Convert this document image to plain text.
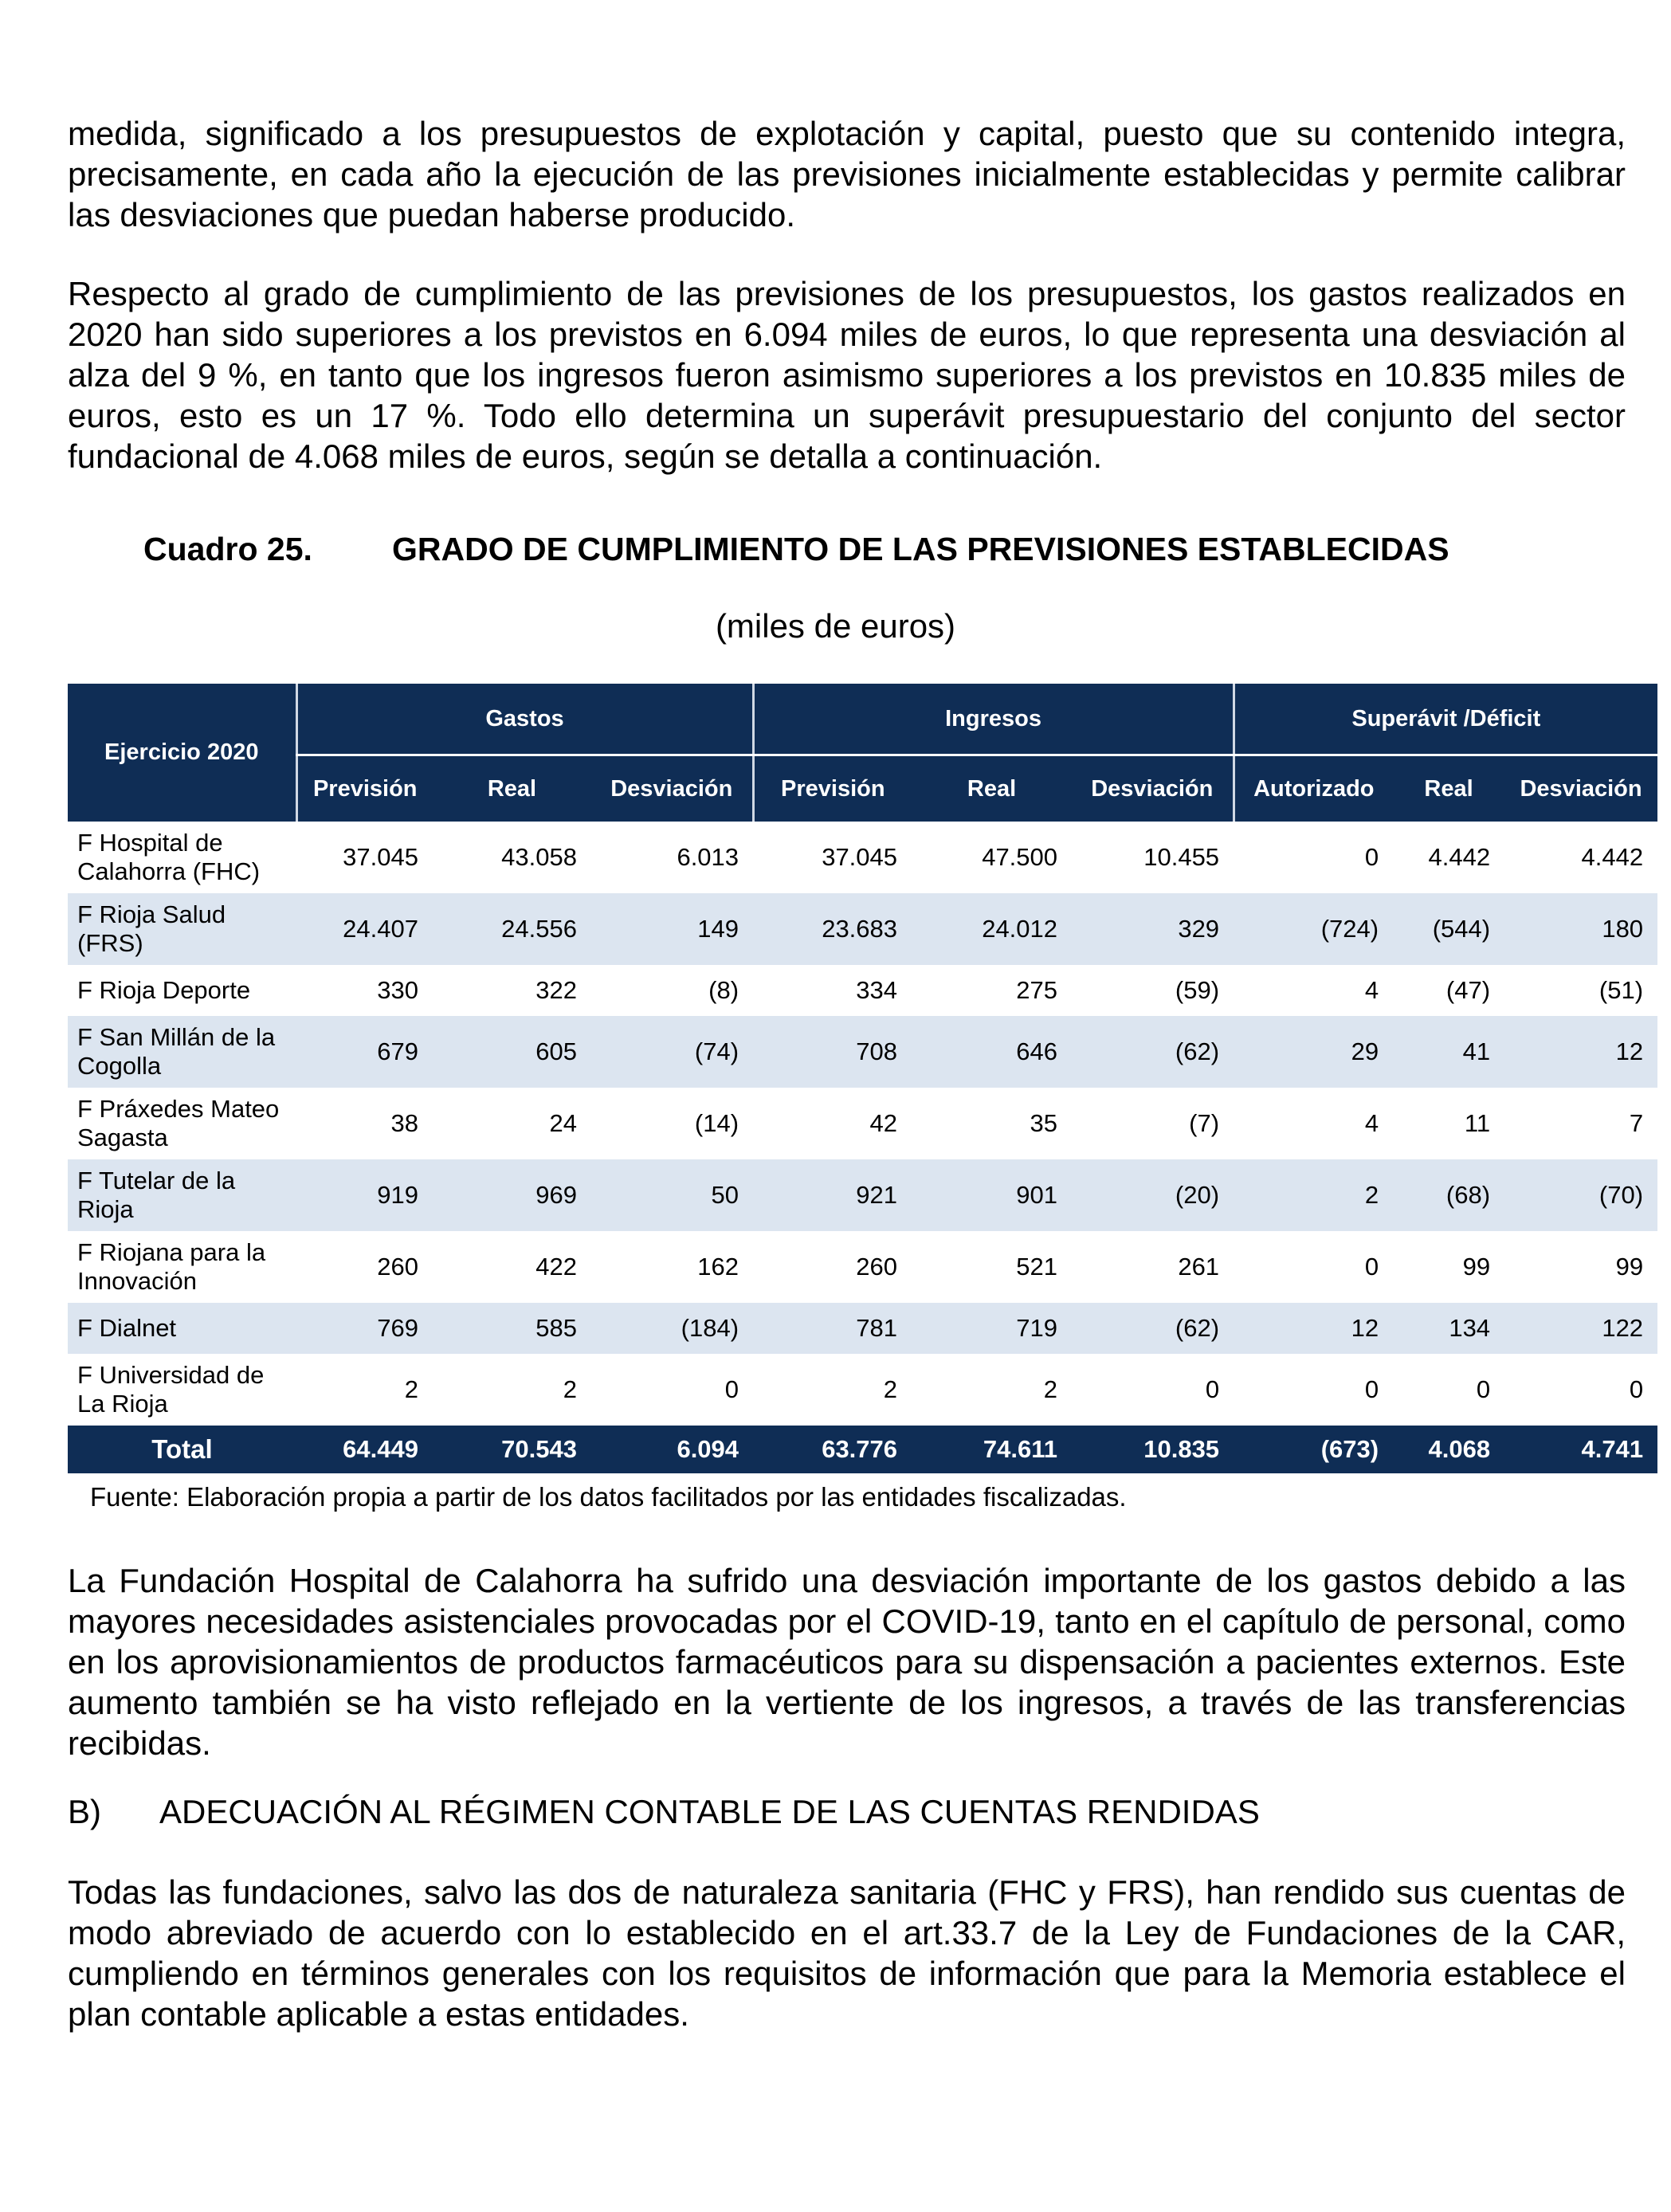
medida, significado a los presupuestos de explotación y capital, puesto que su contenido integra, precisamente, en cada año la ejecución de las previsiones inicialmente establecidas y permite calibrar las desviaciones que puedan haberse producido.

Respecto al grado de cumplimiento de las previsiones de los presupuestos, los gastos realizados en 2020 han sido superiores a los previstos en 6.094 miles de euros, lo que representa una desviación al alza del 9 %, en tanto que los ingresos fueron asimismo superiores a los previstos en 10.835 miles de euros, esto es un 17 %. Todo ello determina un superávit presupuestario del conjunto del sector fundacional de 4.068 miles de euros, según se detalla a continuación.

Cuadro 25. GRADO DE CUMPLIMIENTO DE LAS PREVISIONES ESTABLECIDAS
(miles de euros)
Ejercicio 2020	Gastos			Ingresos			Superávit /Déficit		
	Previsión	Real	Desviación	Previsión	Real	Desviación	Autorizado	Real	Desviación
F Hospital de Calahorra (FHC)	37.045	43.058	6.013	37.045	47.500	10.455	0	4.442	4.442
F Rioja Salud (FRS)	24.407	24.556	149	23.683	24.012	329	(724)	(544)	180
F Rioja Deporte	330	322	(8)	334	275	(59)	4	(47)	(51)
F San Millán de la Cogolla	679	605	(74)	708	646	(62)	29	41	12
F Práxedes Mateo Sagasta	38	24	(14)	42	35	(7)	4	11	7
F Tutelar de la Rioja	919	969	50	921	901	(20)	2	(68)	(70)
F Riojana para la Innovación	260	422	162	260	521	261	0	99	99
F Dialnet	769	585	(184)	781	719	(62)	12	134	122
F Universidad de La Rioja	2	2	0	2	2	0	0	0	0
Total	64.449	70.543	6.094	63.776	74.611	10.835	(673)	4.068	4.741
Fuente: Elaboración propia a partir de los datos facilitados por las entidades fiscalizadas.

La Fundación Hospital de Calahorra ha sufrido una desviación importante de los gastos debido a las mayores necesidades asistenciales provocadas por el COVID-19, tanto en el capítulo de personal, como en los aprovisionamientos de productos farmacéuticos para su dispensación a pacientes externos. Este aumento también se ha visto reflejado en la vertiente de los ingresos, a través de las transferencias recibidas.

B) ADECUACIÓN AL RÉGIMEN CONTABLE DE LAS CUENTAS RENDIDAS

Todas las fundaciones, salvo las dos de naturaleza sanitaria (FHC y FRS), han rendido sus cuentas de modo abreviado de acuerdo con lo establecido en el art.33.7 de la Ley de Fundaciones de la CAR, cumpliendo en términos generales con los requisitos de información que para la Memoria establece el plan contable aplicable a estas entidades.
